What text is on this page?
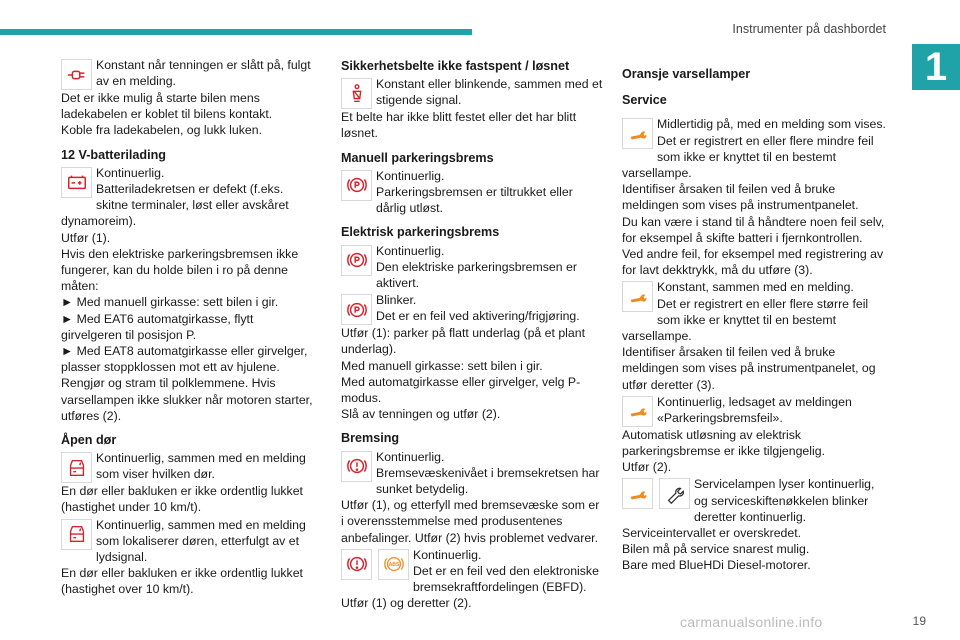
Instrumenter på dashbordet
1

Konstant når tenningen er slått på, fulgt av en melding.

Det er ikke mulig å starte bilen mens ladekabelen er koblet til bilens kontakt.

Koble fra ladekabelen, og lukk luken.

12 V-batterilading

Kontinuerlig.

Batteriladekretsen er defekt (f.eks. skitne terminaler, løst eller avskåret dynamoreim).

Utfør (1).

Hvis den elektriske parkeringsbremsen ikke fungerer, kan du holde bilen i ro på denne måten:

► Med manuell girkasse: sett bilen i gir.

► Med EAT6 automatgirkasse, flytt girvelgeren til posisjon P.

► Med EAT8 automatgirkasse eller girvelger, plasser stoppklossen mot ett av hjulene.

Rengjør og stram til polklemmene. Hvis varsellampen ikke slukker når motoren starter, utføres (2).

Åpen dør

Kontinuerlig, sammen med en melding som viser hvilken dør.

En dør eller bakluken er ikke ordentlig lukket (hastighet under 10 km/t).

Kontinuerlig, sammen med en melding som lokaliserer døren, etterfulgt av et lydsignal.

En dør eller bakluken er ikke ordentlig lukket (hastighet over 10 km/t).

Sikkerhetsbelte ikke fastspent / løsnet

Konstant eller blinkende, sammen med et stigende signal.

Et belte har ikke blitt festet eller det har blitt løsnet.

Manuell parkeringsbrems

Kontinuerlig.

Parkeringsbremsen er tiltrukket eller dårlig utløst.

Elektrisk parkeringsbrems

Kontinuerlig.

Den elektriske parkeringsbremsen er aktivert.

Blinker.

Det er en feil ved aktivering/frigjøring.

Utfør (1): parker på flatt underlag (på et plant underlag).

Med manuell girkasse: sett bilen i gir.

Med automatgirkasse eller girvelger, velg P-modus.

Slå av tenningen og utfør (2).

Bremsing

Kontinuerlig.

Bremsevæskenivået i bremsekretsen har sunket betydelig.

Utfør (1), og etterfyll med bremsevæske som er i overensstemmelse med produsentenes anbefalinger. Utfør (2) hvis problemet vedvarer.

ABS

Kontinuerlig.

Det er en feil ved den elektroniske bremsekraftfordelingen (EBFD).

Utfør (1) og deretter (2).

Oransje varsellamper
Service

Midlertidig på, med en melding som vises.

Det er registrert en eller flere mindre feil som ikke er knyttet til en bestemt varsellampe.

Identifiser årsaken til feilen ved å bruke meldingen som vises på instrumentpanelet.

Du kan være i stand til å håndtere noen feil selv, for eksempel å skifte batteri i fjernkontrollen.

Ved andre feil, for eksempel med registrering av for lavt dekktrykk, må du utføre (3).

Konstant, sammen med en melding.

Det er registrert en eller flere større feil som ikke er knyttet til en bestemt varsellampe.

Identifiser årsaken til feilen ved å bruke meldingen som vises på instrumentpanelet, og utfør deretter (3).

Kontinuerlig, ledsaget av meldingen «Parkeringsbremsfeil».

Automatisk utløsning av elektrisk parkeringsbremse er ikke tilgjengelig.

Utfør (2).

Servicelampen lyser kontinuerlig, og serviceskiftenøkkelen blinker deretter kontinuerlig.

Serviceintervallet er overskredet.

Bilen må på service snarest mulig.

Bare med BlueHDi Diesel-motorer.

carmanualsonline.info	19
